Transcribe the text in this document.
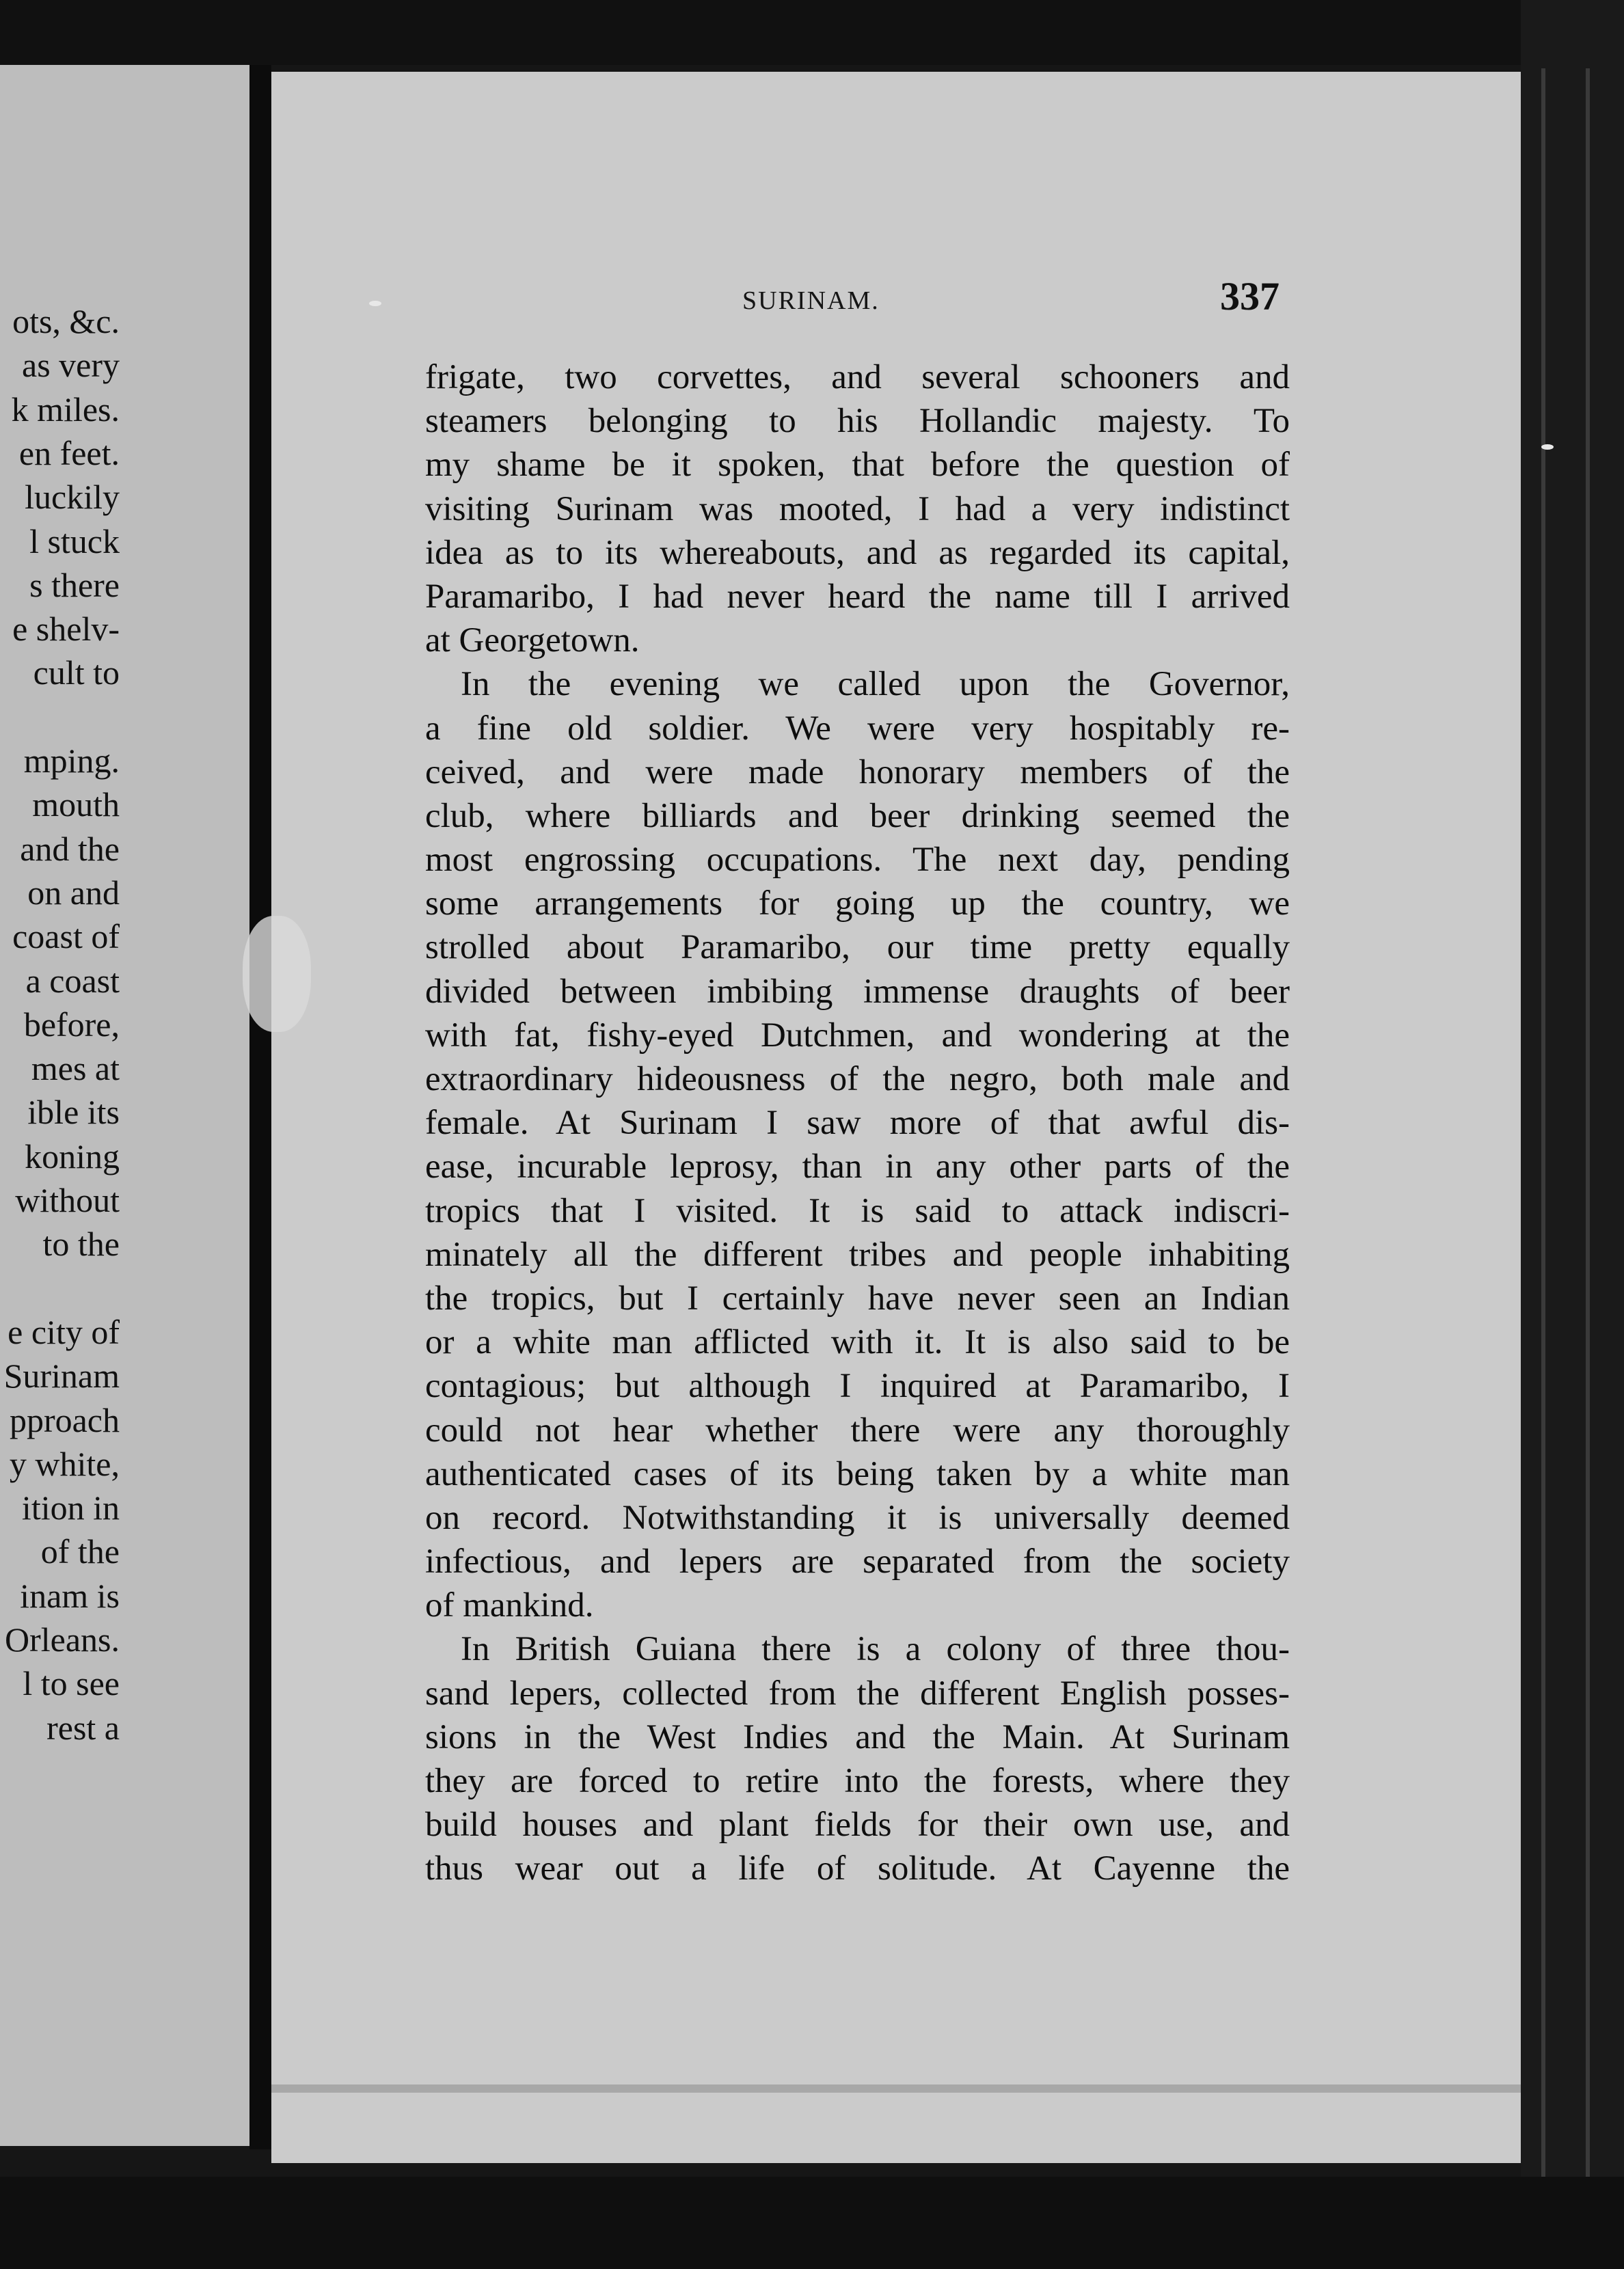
ots, &c.
as very
k miles.
en feet.
luckily
l stuck
s there
e shelv-
cult to
mping.
mouth
and the
on and
coast of
a coast
before,
mes at
ible its
koning
without
to the
e city of
Surinam
pproach
y white,
ition in
of the
inam is
Orleans.
l to see
rest a
SURINAM.	337
frigate, two corvettes, and several schooners and
steamers belonging to his Hollandic majesty. To
my shame be it spoken, that before the question of
visiting Surinam was mooted, I had a very indistinct
idea as to its whereabouts, and as regarded its capital,
Paramaribo, I had never heard the name till I arrived
at Georgetown.
In the evening we called upon the Governor,
a fine old soldier. We were very hospitably re-
ceived, and were made honorary members of the
club, where billiards and beer drinking seemed the
most engrossing occupations. The next day, pending
some arrangements for going up the country, we
strolled about Paramaribo, our time pretty equally
divided between imbibing immense draughts of beer
with fat, fishy-eyed Dutchmen, and wondering at the
extraordinary hideousness of the negro, both male and
female. At Surinam I saw more of that awful dis-
ease, incurable leprosy, than in any other parts of the
tropics that I visited. It is said to attack indiscri-
minately all the different tribes and people inhabiting
the tropics, but I certainly have never seen an Indian
or a white man afflicted with it. It is also said to be
contagious; but although I inquired at Paramaribo, I
could not hear whether there were any thoroughly
authenticated cases of its being taken by a white man
on record. Notwithstanding it is universally deemed
infectious, and lepers are separated from the society
of mankind.
In British Guiana there is a colony of three thou-
sand lepers, collected from the different English posses-
sions in the West Indies and the Main. At Surinam
they are forced to retire into the forests, where they
build houses and plant fields for their own use, and
thus wear out a life of solitude. At Cayenne the
